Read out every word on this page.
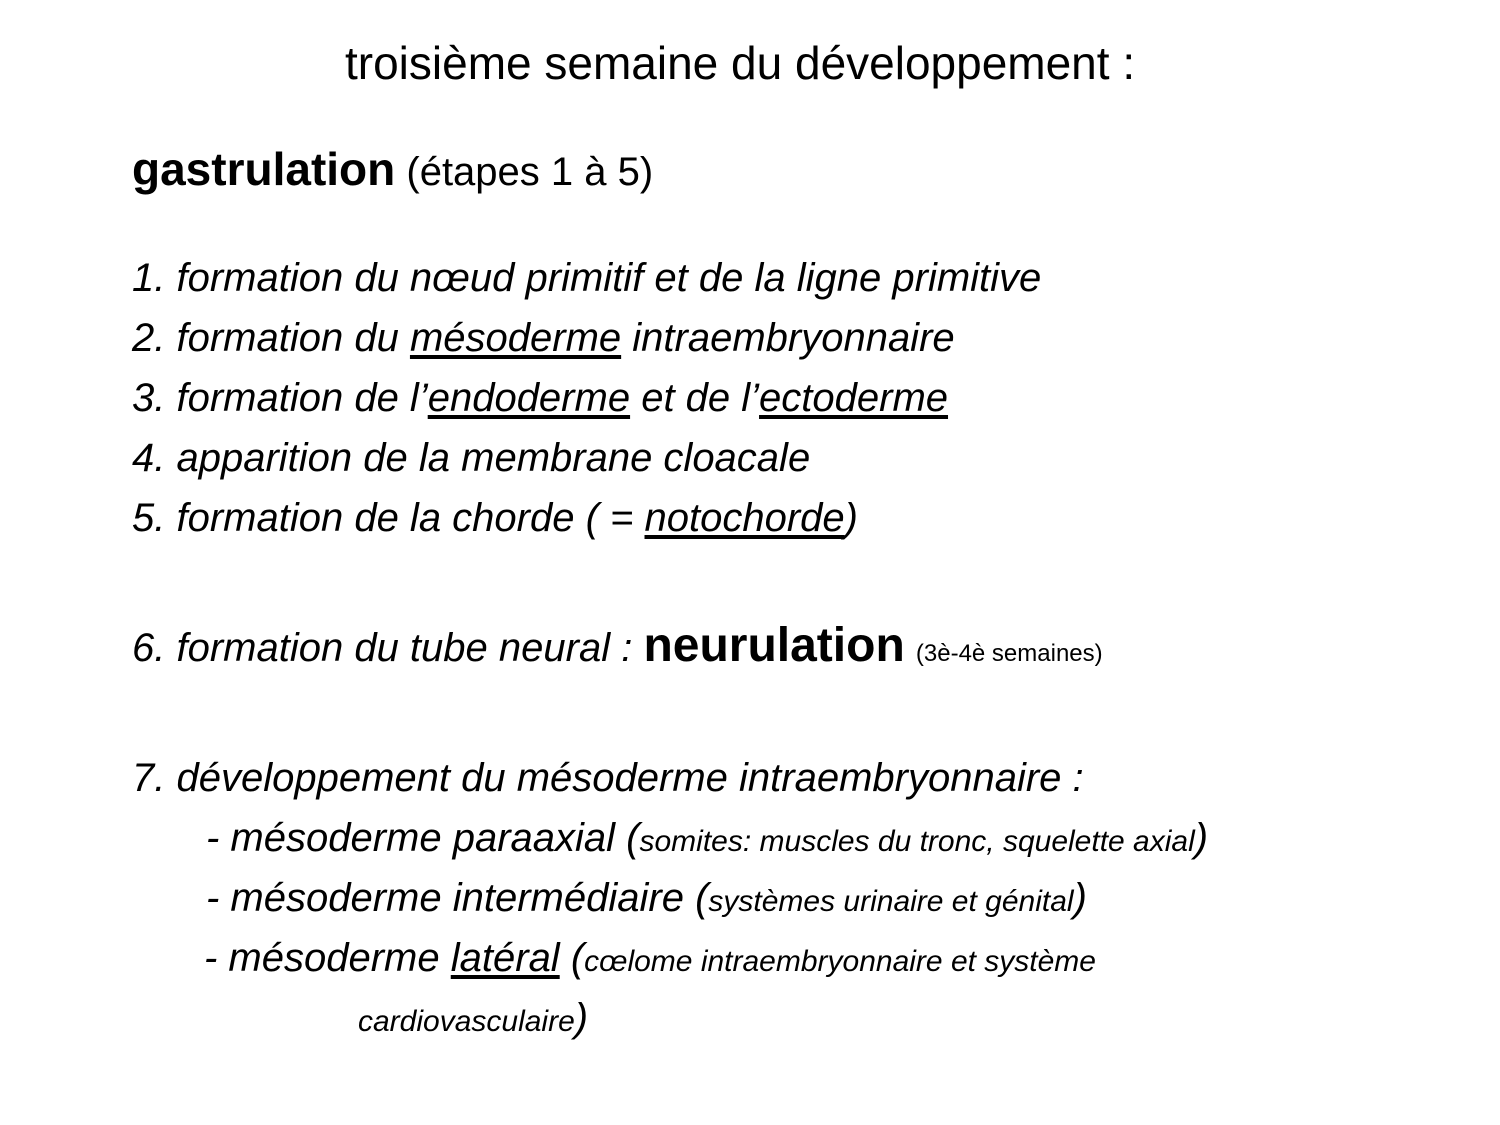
troisième semaine du développement :
gastrulation (étapes 1 à 5)
1. formation du nœud primitif et de la ligne primitive
2. formation du mésoderme intraembryonnaire
3. formation de l’endoderme et de l’ectoderme
4. apparition de la membrane cloacale
5. formation de la chorde ( = notochorde)
6. formation du tube neural : neurulation (3è-4è semaines)
7. développement du mésoderme intraembryonnaire :
- mésoderme paraaxial (somites: muscles du tronc, squelette axial)
- mésoderme intermédiaire (systèmes urinaire et génital)
- mésoderme latéral (cœlome intraembryonnaire et système
cardiovasculaire)
